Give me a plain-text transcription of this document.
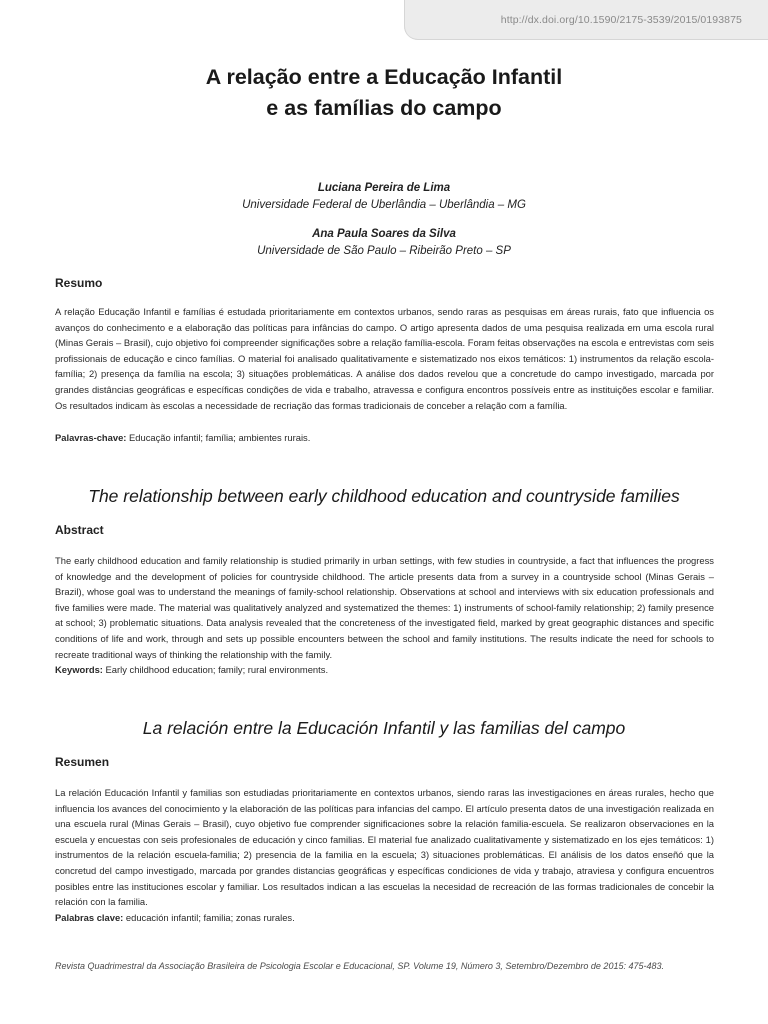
http://dx.doi.org/10.1590/2175-3539/2015/0193875
A relação entre a Educação Infantil
e as famílias do campo
Luciana Pereira de Lima
Universidade Federal de Uberlândia – Uberlândia – MG
Ana Paula Soares da Silva
Universidade de São Paulo – Ribeirão Preto – SP
Resumo
A relação Educação Infantil e famílias é estudada prioritariamente em contextos urbanos, sendo raras as pesquisas em áreas rurais, fato que influencia os avanços do conhecimento e a elaboração das políticas para infâncias do campo. O artigo apresenta dados de uma pesquisa realizada em uma escola rural (Minas Gerais – Brasil), cujo objetivo foi compreender significações sobre a relação família-escola. Foram feitas observações na escola e entrevistas com seis profissionais de educação e cinco famílias. O material foi analisado qualitativamente e sistematizado nos eixos temáticos: 1) instrumentos da relação escola-família; 2) presença da família na escola; 3) situações problemáticas. A análise dos dados revelou que a concretude do campo investigado, marcada por grandes distâncias geográficas e específicas condições de vida e trabalho, atravessa e configura encontros possíveis entre as instituições escolar e familiar. Os resultados indicam às escolas a necessidade de recriação das formas tradicionais de conceber a relação com a família.
Palavras-chave: Educação infantil; família; ambientes rurais.
The relationship between early childhood education and countryside families
Abstract
The early childhood education and family relationship is studied primarily in urban settings, with few studies in countryside, a fact that influences the progress of knowledge and the development of policies for countryside childhood. The article presents data from a survey in a countryside school (Minas Gerais – Brazil), whose goal was to understand the meanings of family-school relationship. Observations at school and interviews with six education professionals and five families were made. The material was qualitatively analyzed and systematized the themes: 1) instruments of school-family relationship; 2) family presence at school; 3) problematic situations. Data analysis revealed that the concreteness of the investigated field, marked by great geographic distances and specific conditions of life and work, through and sets up possible encounters between the school and family institutions. The results indicate the need for schools to recreate traditional ways of thinking the relationship with the family.
Keywords: Early childhood education; family; rural environments.
La relación entre la Educación Infantil y las familias del campo
Resumen
La relación Educación Infantil y familias son estudiadas prioritariamente en contextos urbanos, siendo raras las investigaciones en áreas rurales, hecho que influencia los avances del conocimiento y la elaboración de las políticas para infancias del campo. El artículo presenta datos de una investigación realizada en una escuela rural (Minas Gerais – Brasil), cuyo objetivo fue comprender significaciones sobre la relación familia-escuela. Se realizaron observaciones en la escuela y encuestas con seis profesionales de educación y cinco familias. El material fue analizado cualitativamente y sistematizado en los ejes temáticos: 1) instrumentos de la relación escuela-familia; 2) presencia de la familia en la escuela; 3) situaciones problemáticas. El análisis de los datos enseñó que la concretud del campo investigado, marcada por grandes distancias geográficas y específicas condiciones de vida y trabajo, atraviesa y configura encuentros posibles entre las instituciones escolar y familiar. Los resultados indican a las escuelas la necesidad de recreación de las formas tradicionales de concebir la relación con la familia.
Palabras clave: educación infantil; familia; zonas rurales.
Revista Quadrimestral da Associação Brasileira de Psicologia Escolar e Educacional, SP. Volume 19, Número 3, Setembro/Dezembro de 2015: 475-483.
